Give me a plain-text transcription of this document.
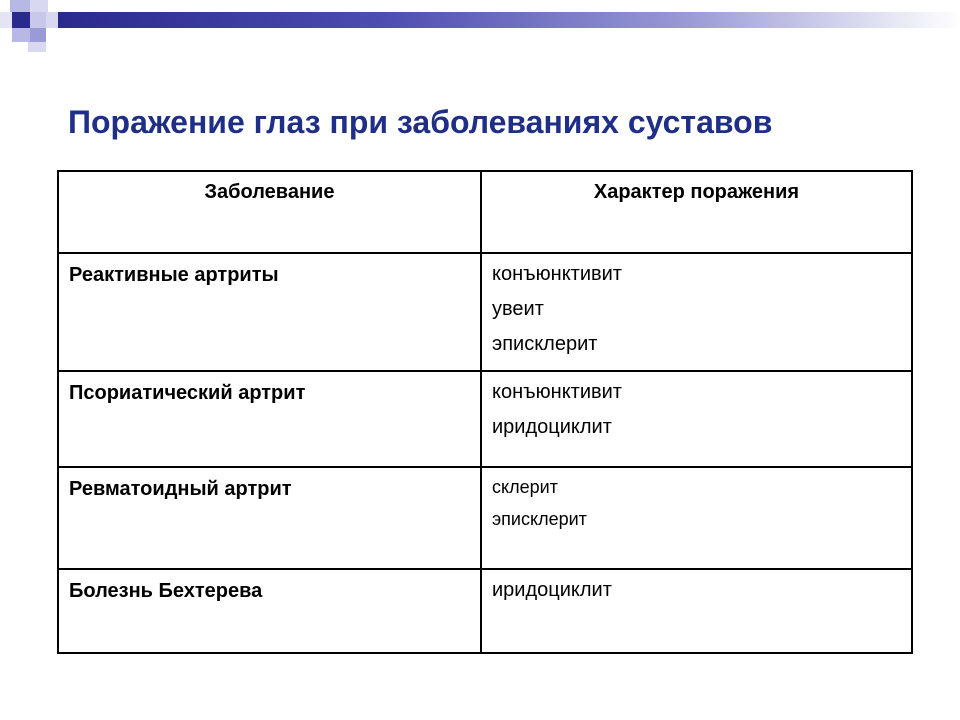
Поражение глаз при заболеваниях суставов
Заболевание	Характер поражения
Реактивные артриты	конъюнктивит
увеит
эписклерит

Псориатический артрит	конъюнктивит
иридоциклит

Ревматоидный артрит	склерит
эписклерит

Болезнь Бехтерева	иридоциклит
